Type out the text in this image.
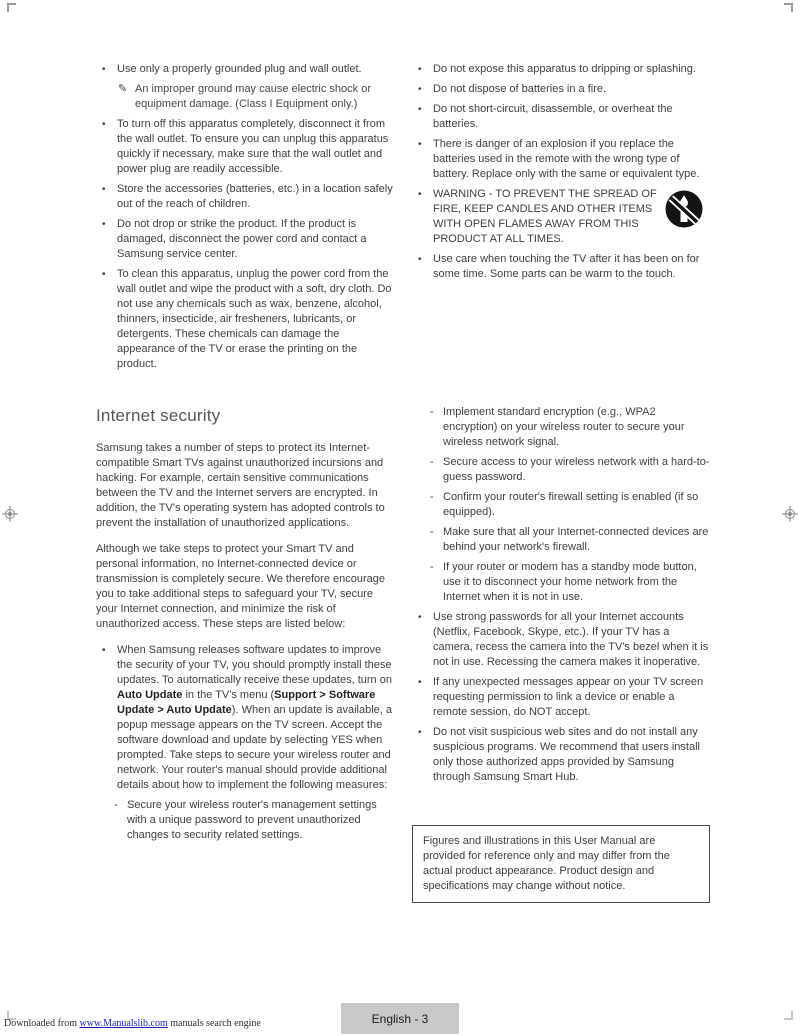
•	Use only a properly grounded plug and wall outlet.
✎ An improper ground may cause electric shock or equipment damage. (Class I Equipment only.)
•	To turn off this apparatus completely, disconnect it from the wall outlet. To ensure you can unplug this apparatus quickly if necessary, make sure that the wall outlet and power plug are readily accessible.
•	Store the accessories (batteries, etc.) in a location safely out of the reach of children.
•	Do not drop or strike the product. If the product is damaged, disconnect the power cord and contact a Samsung service center.
•	To clean this apparatus, unplug the power cord from the wall outlet and wipe the product with a soft, dry cloth. Do not use any chemicals such as wax, benzene, alcohol, thinners, insecticide, air fresheners, lubricants, or detergents. These chemicals can damage the appearance of the TV or erase the printing on the product.
•	Do not expose this apparatus to dripping or splashing.
•	Do not dispose of batteries in a fire.
•	Do not short-circuit, disassemble, or overheat the batteries.
•	There is danger of an explosion if you replace the batteries used in the remote with the wrong type of battery. Replace only with the same or equivalent type.
•	WARNING - TO PREVENT THE SPREAD OF FIRE, KEEP CANDLES AND OTHER ITEMS WITH OPEN FLAMES AWAY FROM THIS PRODUCT AT ALL TIMES.
•	Use care when touching the TV after it has been on for some time. Some parts can be warm to the touch.
Internet security
Samsung takes a number of steps to protect its Internet-compatible Smart TVs against unauthorized incursions and hacking. For example, certain sensitive communications between the TV and the Internet servers are encrypted. In addition, the TV's operating system has adopted controls to prevent the installation of unauthorized applications.
Although we take steps to protect your Smart TV and personal information, no Internet-connected device or transmission is completely secure. We therefore encourage you to take additional steps to safeguard your TV, secure your Internet connection, and minimize the risk of unauthorized access. These steps are listed below:
•	When Samsung releases software updates to improve the security of your TV, you should promptly install these updates. To automatically receive these updates, turn on Auto Update in the TV's menu (Support > Software Update > Auto Update). When an update is available, a popup message appears on the TV screen. Accept the software download and update by selecting YES when prompted. Take steps to secure your wireless router and network. Your router's manual should provide additional details about how to implement the following measures:
- Secure your wireless router's management settings with a unique password to prevent unauthorized changes to security related settings.
- Implement standard encryption (e.g., WPA2 encryption) on your wireless router to secure your wireless network signal.
- Secure access to your wireless network with a hard-to-guess password.
- Confirm your router's firewall setting is enabled (if so equipped).
- Make sure that all your Internet-connected devices are behind your network's firewall.
- If your router or modem has a standby mode button, use it to disconnect your home network from the Internet when it is not in use.
•	Use strong passwords for all your Internet accounts (Netflix, Facebook, Skype, etc.). If your TV has a camera, recess the camera into the TV's bezel when it is not in use. Recessing the camera makes it inoperative.
•	If any unexpected messages appear on your TV screen requesting permission to link a device or enable a remote session, do NOT accept.
•	Do not visit suspicious web sites and do not install any suspicious programs. We recommend that users install only those authorized apps provided by Samsung through Samsung Smart Hub.
Figures and illustrations in this User Manual are provided for reference only and may differ from the actual product appearance. Product design and specifications may change without notice.
English - 3
Downloaded from www.Manualslib.com manuals search engine
